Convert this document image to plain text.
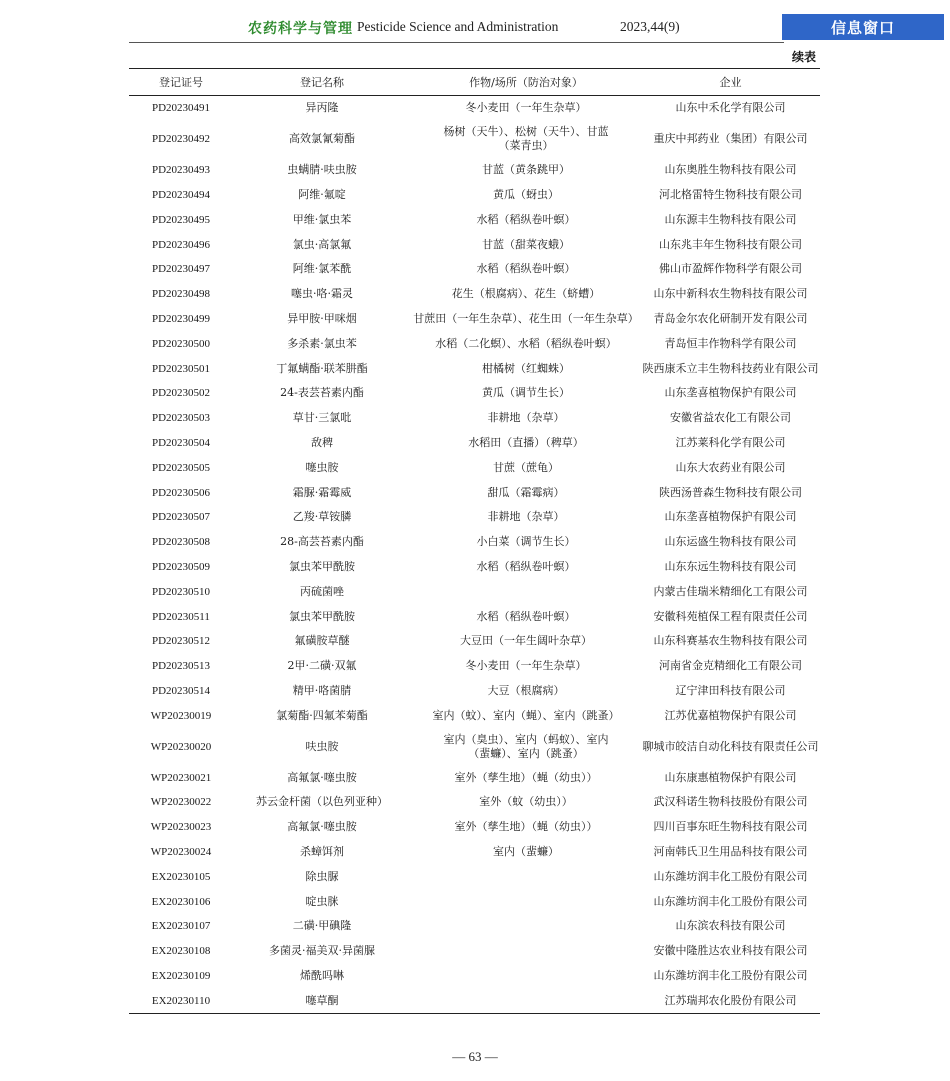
农药科学与管理 Pesticide Science and Administration	2023,44(9)	信息窗口
续表
登记证号	登记名称	作物/场所（防治对象）	企业
PD20230491	异丙隆	冬小麦田（一年生杂草）	山东中禾化学有限公司
PD20230492	高效氯氰菊酯	杨树（天牛）、松树（天牛）、甘蓝（菜青虫）	重庆中邦药业（集团）有限公司
PD20230493	虫螨腈·呋虫胺	甘蓝（黄条跳甲）	山东奥胜生物科技有限公司
PD20230494	阿维·氟啶	黄瓜（蚜虫）	河北格雷特生物科技有限公司
PD20230495	甲维·氯虫苯	水稻（稻纵卷叶螟）	山东源丰生物科技有限公司
PD20230496	氯虫·高氯氟	甘蓝（甜菜夜蛾）	山东兆丰年生物科技有限公司
PD20230497	阿维·氯苯酰	水稻（稻纵卷叶螟）	佛山市盈辉作物科学有限公司
PD20230498	噻虫·咯·霜灵	花生（根腐病）、花生（蛴螬）	山东中新科农生物科技有限公司
PD20230499	异甲胺·甲咪烟	甘蔗田（一年生杂草）、花生田（一年生杂草）	青岛金尔农化研制开发有限公司
PD20230500	多杀素·氯虫苯	水稻（二化螟）、水稻（稻纵卷叶螟）	青岛恒丰作物科学有限公司
PD20230501	丁氟螨酯·联苯肼酯	柑橘树（红蜘蛛）	陕西康禾立丰生物科技药业有限公司
PD20230502	24-表芸苔素内酯	黄瓜（调节生长）	山东垄喜植物保护有限公司
PD20230503	草甘·三氯吡	非耕地（杂草）	安徽省益农化工有限公司
PD20230504	敌稗	水稻田（直播）（稗草）	江苏莱科化学有限公司
PD20230505	噻虫胺	甘蔗（蔗龟）	山东大农药业有限公司
PD20230506	霜脲·霜霉威	甜瓜（霜霉病）	陕西汤普森生物科技有限公司
PD20230507	乙羧·草铵膦	非耕地（杂草）	山东垄喜植物保护有限公司
PD20230508	28-高芸苔素内酯	小白菜（调节生长）	山东运盛生物科技有限公司
PD20230509	氯虫苯甲酰胺	水稻（稻纵卷叶螟）	山东东远生物科技有限公司
PD20230510	丙硫菌唑		内蒙古佳瑞米精细化工有限公司
PD20230511	氯虫苯甲酰胺	水稻（稻纵卷叶螟）	安徽科苑植保工程有限责任公司
PD20230512	氟磺胺草醚	大豆田（一年生阔叶杂草）	山东科赛基农生物科技有限公司
PD20230513	2甲·二磺·双氟	冬小麦田（一年生杂草）	河南省金克精细化工有限公司
PD20230514	精甲·咯菌腈	大豆（根腐病）	辽宁津田科技有限公司
WP20230019	氯菊酯·四氟苯菊酯	室内（蚊）、室内（蝇）、室内（跳蚤）	江苏优嘉植物保护有限公司
WP20230020	呋虫胺	室内（臭虫）、室内（蚂蚁）、室内（蜚蠊）、室内（跳蚤）	聊城市皎洁自动化科技有限责任公司
WP20230021	高氟氯·噻虫胺	室外（孳生地）（蝇（幼虫））	山东康惠植物保护有限公司
WP20230022	苏云金杆菌（以色列亚种）	室外（蚊（幼虫））	武汉科诺生物科技股份有限公司
WP20230023	高氟氯·噻虫胺	室外（孳生地）（蝇（幼虫））	四川百事东旺生物科技有限公司
WP20230024	杀蟑饵剂	室内（蜚蠊）	河南韩氏卫生用品科技有限公司
EX20230105	除虫脲		山东潍坊润丰化工股份有限公司
EX20230106	啶虫脒		山东潍坊润丰化工股份有限公司
EX20230107	二磺·甲碘隆		山东滨农科技有限公司
EX20230108	多菌灵·福美双·异菌脲		安徽中隆胜达农业科技有限公司
EX20230109	烯酰吗啉		山东潍坊润丰化工股份有限公司
EX20230110	噻草酮		江苏瑞邦农化股份有限公司
— 63 —
